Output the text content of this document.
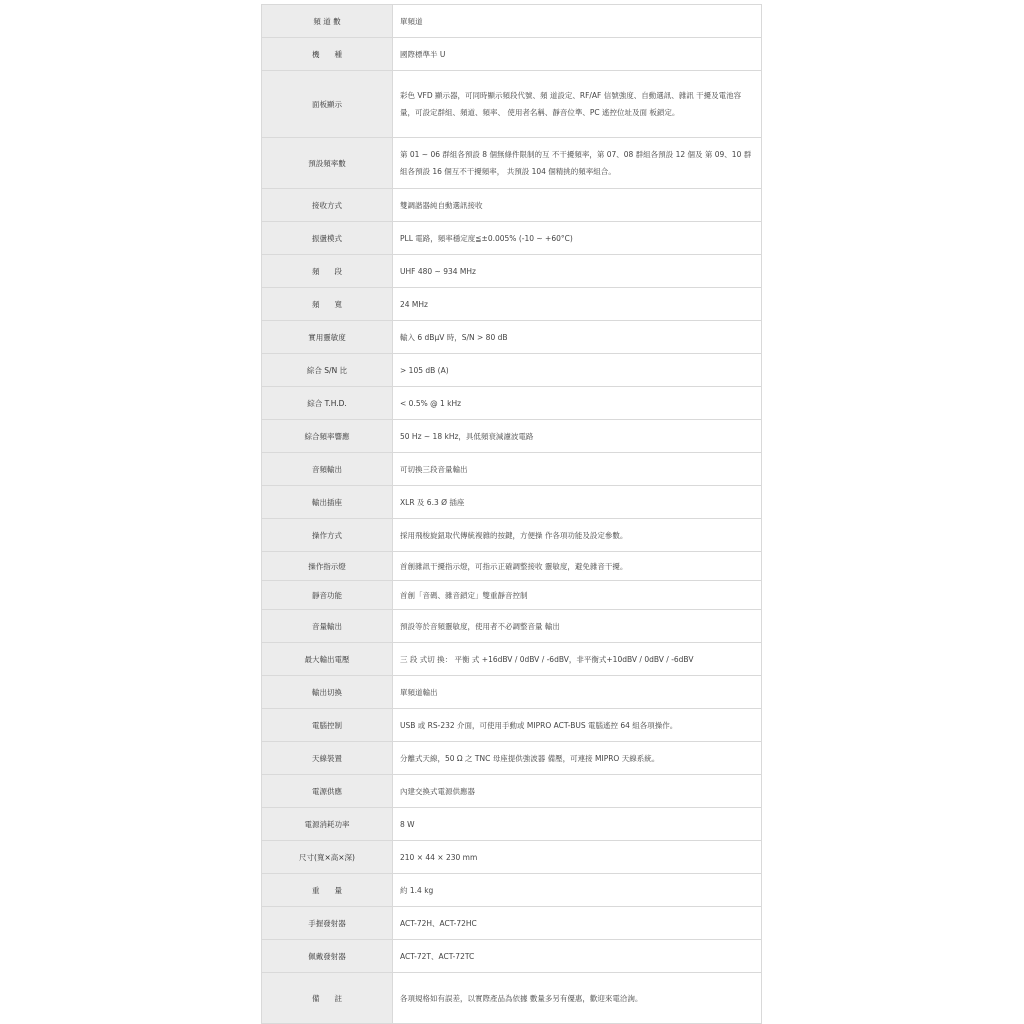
頻 道 數	單頻道
機　　種	國際標準半 U
面板顯示	彩色 VFD 顯示器，可同時顯示頻段代號、頻 道設定、RF/AF 信號強度、自動選訊、雜訊 干擾及電池容量，可設定群組、頻道、頻率、 使用者名稱、靜音位準、PC 遙控位址及面 板鎖定。
預設頻率數	第 01 ~ 06 群組各預設 8 個無條件限制的互 不干擾頻率，第 07、08 群組各預設 12 個及 第 09、10 群組各預設 16 個互不干擾頻率， 共預設 104 個精挑的頻率組合。
接收方式	雙調諧器純自動選訊接收
振盪模式	PLL 電路，頻率穩定度≦±0.005% (-10 ~ +60°C)
頻　　段	UHF 480 ~ 934 MHz
頻　　寬	24 MHz
實用靈敏度	輸入 6 dBμV 時，S/N > 80 dB
綜合 S/N 比	> 105 dB (A)
綜合 T.H.D.	< 0.5% @ 1 kHz
綜合頻率響應	50 Hz ~ 18 kHz，具低頻衰減濾波電路
音頻輸出	可切換三段音量輸出
輸出插座	XLR 及 6.3 Ø 插座
操作方式	採用飛梭旋鈕取代傳統複雜的按鍵，方便操 作各項功能及設定參數。
操作指示燈	首創雜訊干擾指示燈，可指示正確調整接收 靈敏度，避免雜音干擾。
靜音功能	首創「音碼、雜音鎖定」雙重靜音控制
音量輸出	預設等於音頻靈敏度，使用者不必調整音量 輸出
最大輸出電壓	三 段 式切 換： 平衡 式 +16dBV / 0dBV / -6dBV，非平衡式+10dBV / 0dBV / -6dBV
輸出切換	單頻道輸出
電腦控制	USB 或 RS-232 介面，可使用手動或 MIPRO ACT-BUS 電腦遙控 64 組各項操作。
天線裝置	分離式天線，50 Ω 之 TNC 母座提供強波器 備壓，可連接 MIPRO 天線系統。
電源供應	內建交換式電源供應器
電源消耗功率	8 W
尺寸(寬×高×深)	210 × 44 × 230 mm
重　　量	約 1.4 kg
手握發射器	ACT-72H、ACT-72HC
佩戴發射器	ACT-72T、ACT-72TC
備　　註	各項規格如有誤差，以實際產品為依據 數量多另有優惠，歡迎來電洽詢。
